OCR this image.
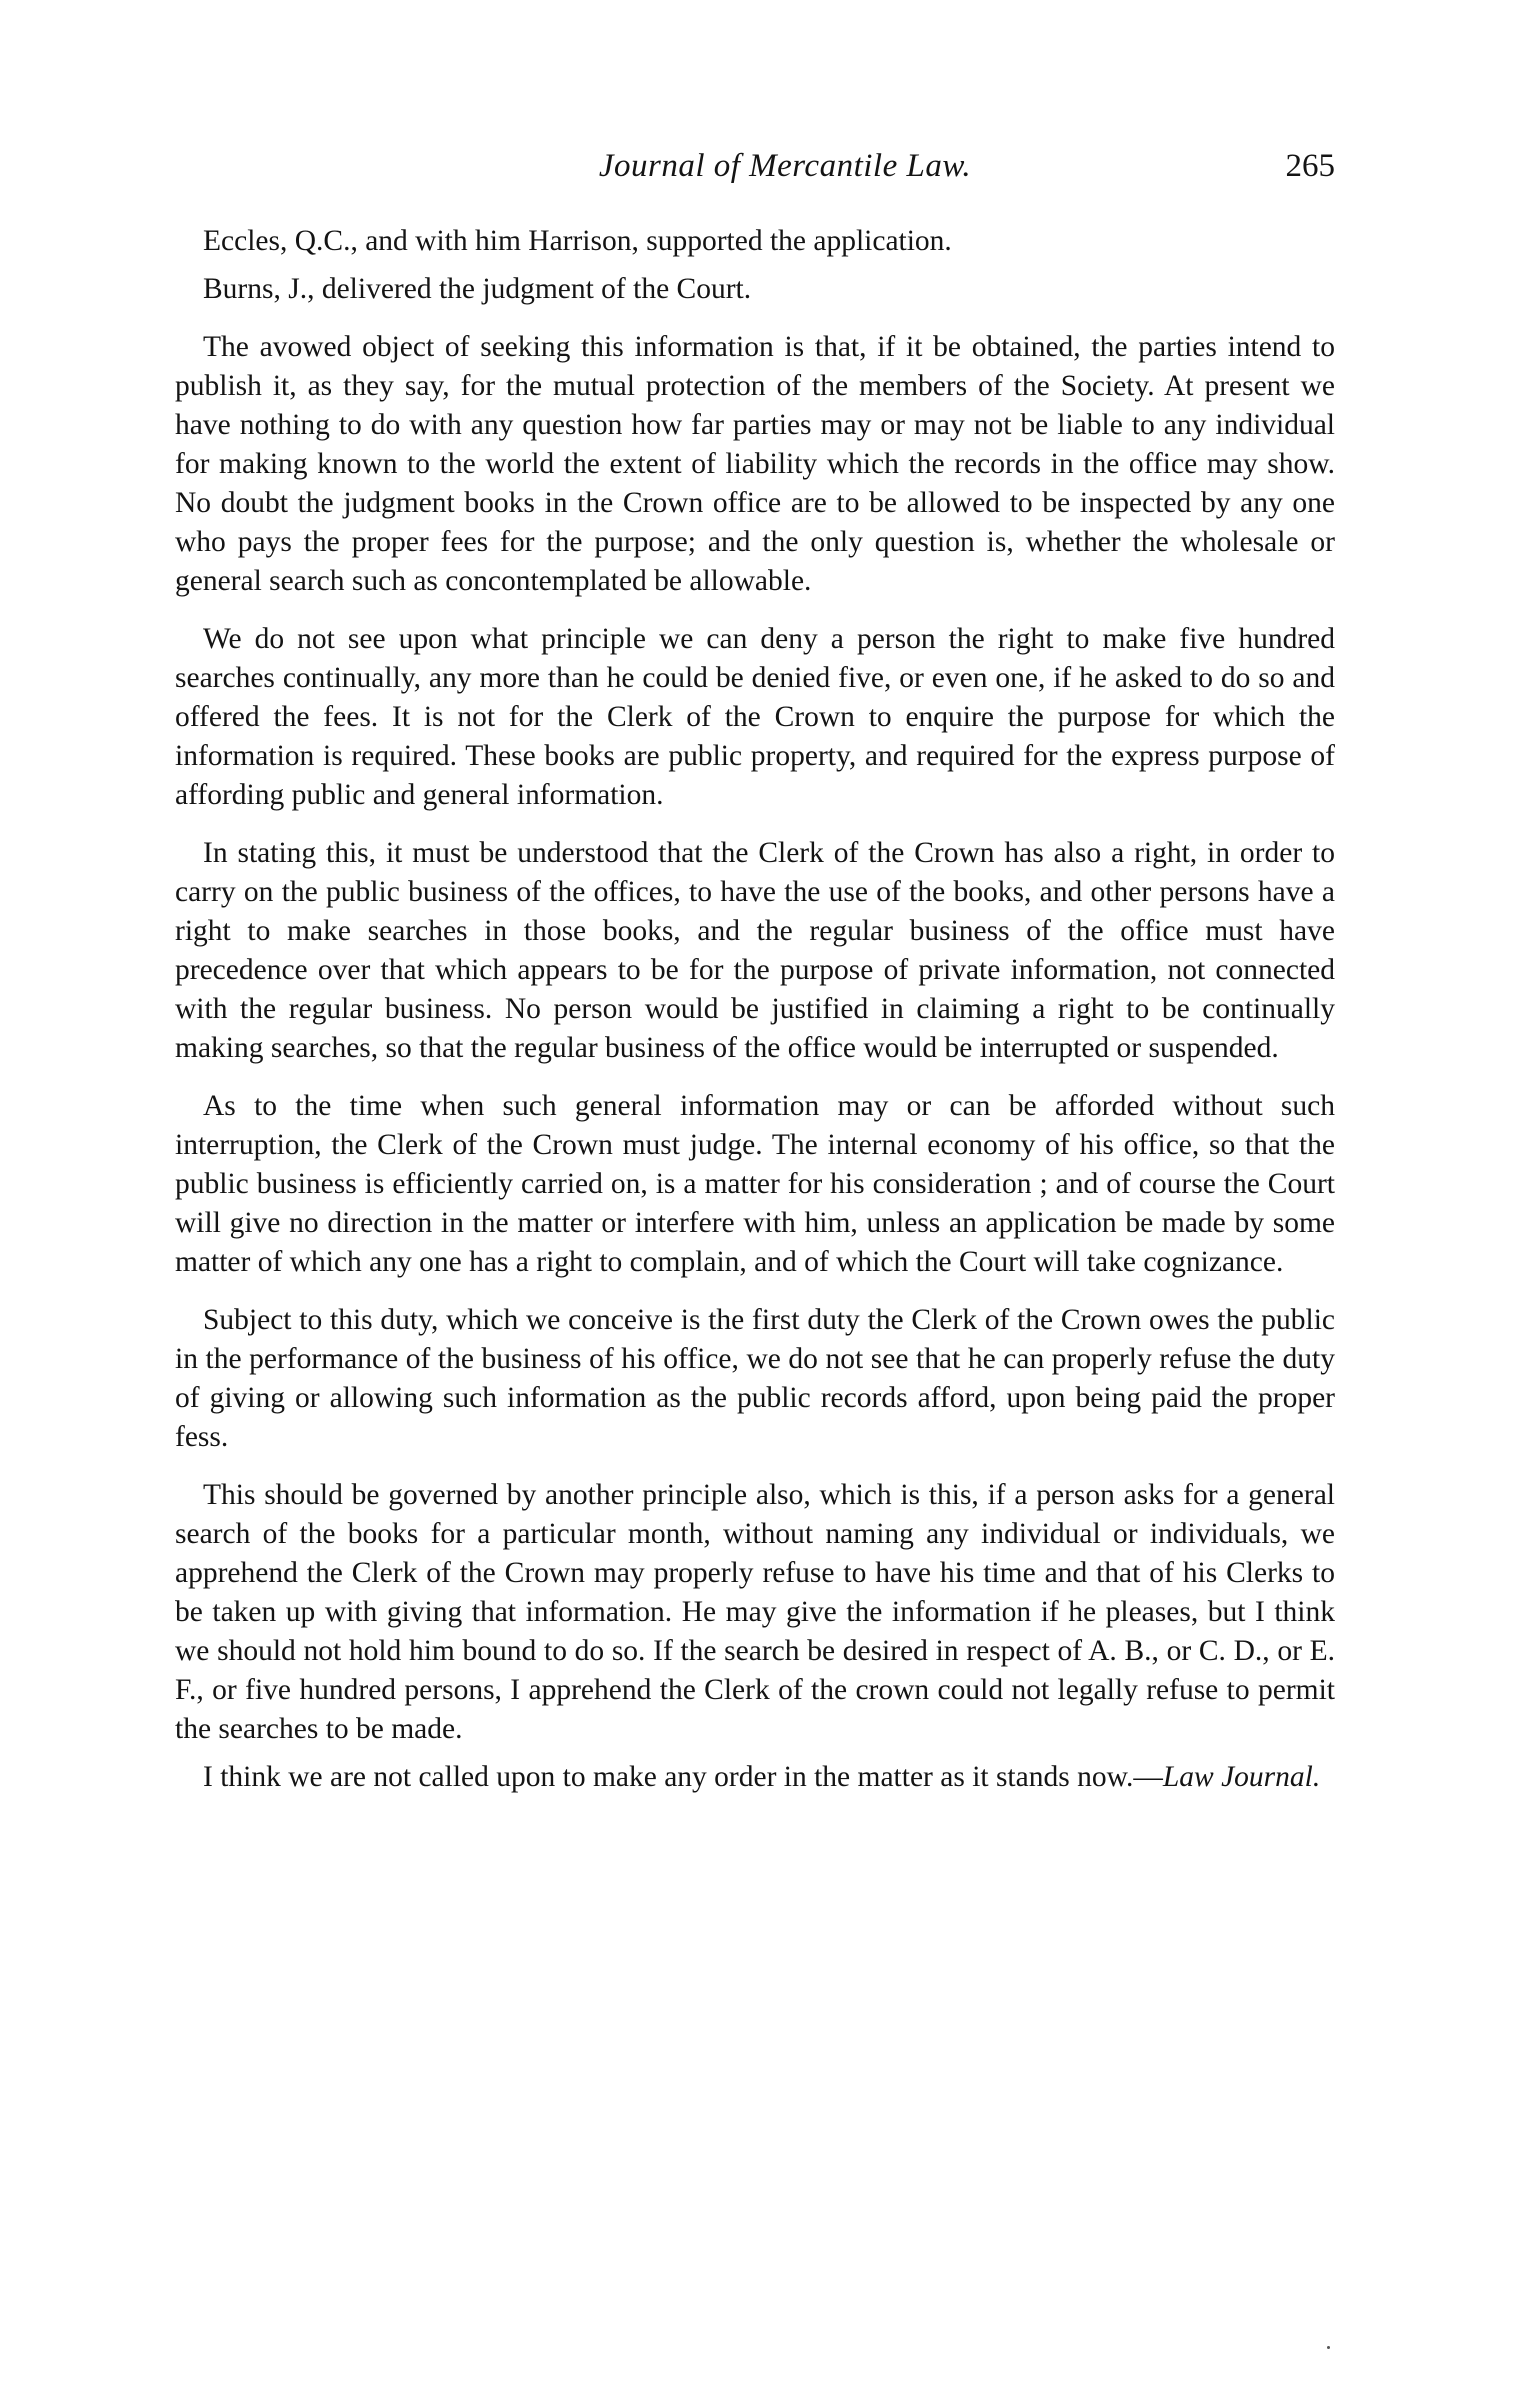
Journal of Mercantile Law.	265

Eccles, Q.C., and with him Harrison, supported the application.

Burns, J., delivered the judgment of the Court.

The avowed object of seeking this information is that, if it be obtained, the parties intend to publish it, as they say, for the mutual protection of the members of the Society. At present we have nothing to do with any question how far parties may or may not be liable to any individual for making known to the world the extent of liability which the records in the office may show. No doubt the judgment books in the Crown office are to be allowed to be inspected by any one who pays the proper fees for the purpose; and the only question is, whether the wholesale or general search such as concontemplated be allowable.

We do not see upon what principle we can deny a person the right to make five hundred searches continually, any more than he could be denied five, or even one, if he asked to do so and offered the fees. It is not for the Clerk of the Crown to enquire the purpose for which the information is required. These books are public property, and required for the express purpose of affording public and general information.

In stating this, it must be understood that the Clerk of the Crown has also a right, in order to carry on the public business of the offices, to have the use of the books, and other persons have a right to make searches in those books, and the regular business of the office must have precedence over that which appears to be for the purpose of private information, not connected with the regular business. No person would be justified in claiming a right to be continually making searches, so that the regular business of the office would be interrupted or suspended.

As to the time when such general information may or can be afforded without such interruption, the Clerk of the Crown must judge. The internal economy of his office, so that the public business is efficiently carried on, is a matter for his consideration ; and of course the Court will give no direction in the matter or interfere with him, unless an application be made by some matter of which any one has a right to complain, and of which the Court will take cognizance.

Subject to this duty, which we conceive is the first duty the Clerk of the Crown owes the public in the performance of the business of his office, we do not see that he can properly refuse the duty of giving or allowing such information as the public records afford, upon being paid the proper fess.

This should be governed by another principle also, which is this, if a person asks for a general search of the books for a particular month, without naming any individual or individuals, we apprehend the Clerk of the Crown may properly refuse to have his time and that of his Clerks to be taken up with giving that information. He may give the information if he pleases, but I think we should not hold him bound to do so. If the search be desired in respect of A. B., or C. D., or E. F., or five hundred persons, I apprehend the Clerk of the crown could not legally refuse to permit the searches to be made.

I think we are not called upon to make any order in the matter as it stands now.—Law Journal.
